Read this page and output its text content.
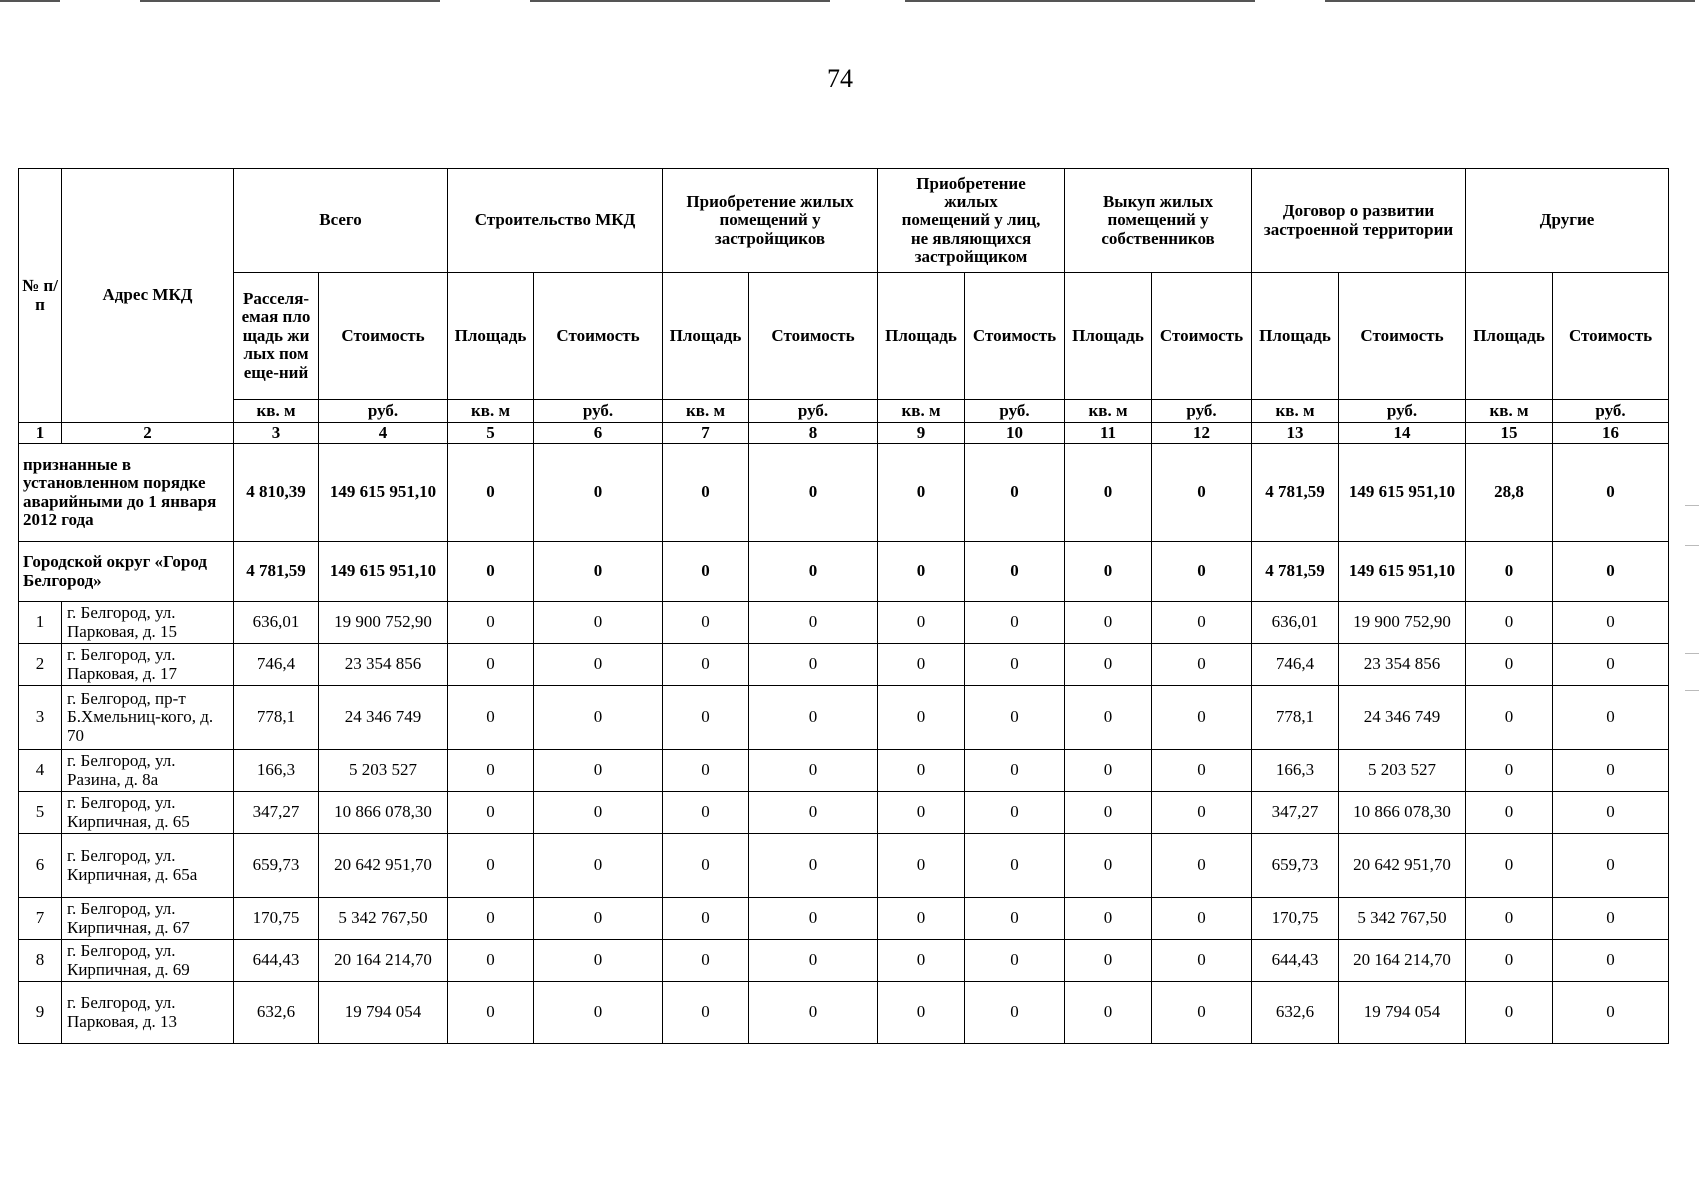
74
№ п/п	Адрес МКД	Всего		Строительство МКД		Приобретение жилых помещений у застройщиков		Приобретение жилых помещений у лиц, не являющихся застройщиком		Выкуп жилых помещений у собственников		Договор о развитии застроенной территории		Другие	
		Расселя-емая площадь жилых помеще-ний	Стоимость	Площадь	Стоимость	Площадь	Стоимость	Площадь	Стоимость	Площадь	Стоимость	Площадь	Стоимость	Площадь	Стоимость
		кв. м	руб.	кв. м	руб.	кв. м	руб.	кв. м	руб.	кв. м	руб.	кв. м	руб.	кв. м	руб.
1	2	3	4	5	6	7	8	9	10	11	12	13	14	15	16
признанные в установленном порядке аварийными до 1 января 2012 года		4 810,39	149 615 951,10	0	0	0	0	0	0	0	0	4 781,59	149 615 951,10	28,8	0
Городской округ «Город Белгород»		4 781,59	149 615 951,10	0	0	0	0	0	0	0	0	4 781,59	149 615 951,10	0	0
1	г. Белгород, ул. Парковая, д. 15	636,01	19 900 752,90	0	0	0	0	0	0	0	0	636,01	19 900 752,90	0	0
2	г. Белгород, ул. Парковая, д. 17	746,4	23 354 856	0	0	0	0	0	0	0	0	746,4	23 354 856	0	0
3	г. Белгород, пр-т Б.Хмельниц-кого, д. 70	778,1	24 346 749	0	0	0	0	0	0	0	0	778,1	24 346 749	0	0
4	г. Белгород, ул. Разина, д. 8а	166,3	5 203 527	0	0	0	0	0	0	0	0	166,3	5 203 527	0	0
5	г. Белгород, ул. Кирпичная, д. 65	347,27	10 866 078,30	0	0	0	0	0	0	0	0	347,27	10 866 078,30	0	0
6	г. Белгород, ул. Кирпичная, д. 65а	659,73	20 642 951,70	0	0	0	0	0	0	0	0	659,73	20 642 951,70	0	0
7	г. Белгород, ул. Кирпичная, д. 67	170,75	5 342 767,50	0	0	0	0	0	0	0	0	170,75	5 342 767,50	0	0
8	г. Белгород, ул. Кирпичная, д. 69	644,43	20 164 214,70	0	0	0	0	0	0	0	0	644,43	20 164 214,70	0	0
9	г. Белгород, ул. Парковая, д. 13	632,6	19 794 054	0	0	0	0	0	0	0	0	632,6	19 794 054	0	0
